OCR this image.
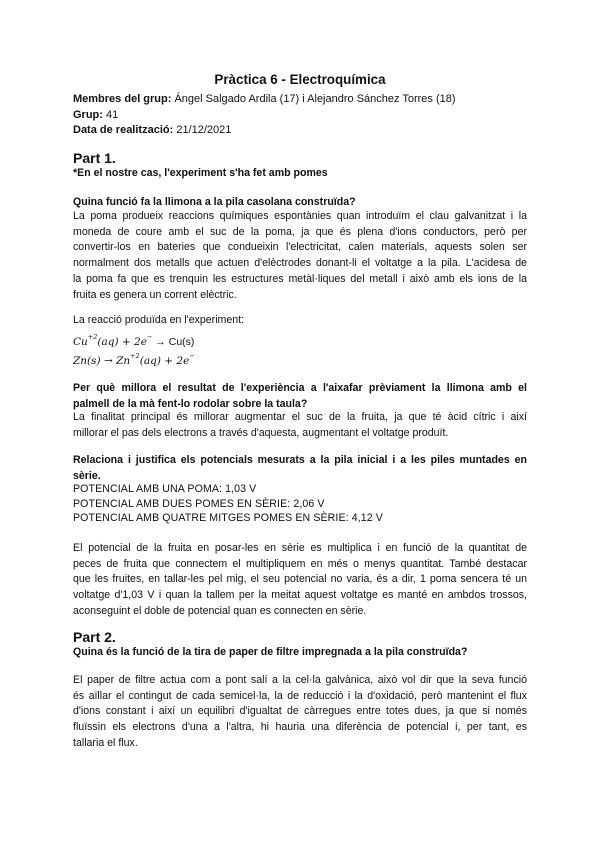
Pràctica 6 - Electroquímica
Membres del grup: Ángel Salgado Ardila (17) i Alejandro Sánchez Torres (18)
Grup: 41
Data de realització: 21/12/2021
Part 1.
*En el nostre cas, l'experiment s'ha fet amb pomes
Quina funció fa la llimona a la pila casolana construïda?
La poma produeix reaccions químiques espontànies quan introduïm el clau galvanitzat i la
moneda de coure amb el suc de la poma, ja que és plena d'ions conductors, però per
convertir-los en bateries que condueixin l'electricitat, calen materials, aquests solen ser
normalment dos metalls que actuen d'elèctrodes donant-li el voltatge a la pila. L'acidesa de
la poma fa que es trenquin les estructures metàl·liques del metall i això amb els ions de la
fruita es genera un corrent elèctric.
La reacció produïda en l'experiment:
$Cu^{+2}(aq) + 2e^- \to Cu(s)$
$Zn(s) \to Zn^{+2}(aq) + 2e^-$
Per què millora el resultat de l'experiència a l'aixafar prèviament la llimona amb el
palmell de la mà fent-lo rodolar sobre la taula?
La finalitat principal és millorar augmentar el suc de la fruita, ja que té àcid cítric i així
millorar el pas dels electrons a través d'aquesta, augmentant el voltatge produït.
Relaciona i justifica els potencials mesurats a la pila inicial i a les piles muntades en
sèrie.
POTENCIAL AMB UNA POMA: 1,03 V
POTENCIAL AMB DUES POMES EN SÈRIE: 2,06 V
POTENCIAL AMB QUATRE MITGES POMES EN SÈRIE: 4,12 V
El potencial de la fruita en posar-les en sèrie es multiplica i en funció de la quantitat de
peces de fruita que connectem el multipliquem en més o menys quantitat. També destacar
que les fruites, en tallar-les pel mig, el seu potencial no varia, és a dir, 1 poma sencera té un
voltatge d'1,03 V i quan la tallem per la meitat aquest voltatge es manté en ambdos trossos,
aconseguint el doble de potencial quan es connecten en sèrie.
Part 2.
Quina és la funció de la tira de paper de filtre impregnada a la pila construïda?
El paper de filtre actua com a pont salí a la cel·la galvànica, això vol dir que la seva funció
és aïllar el contingut de cada semicel·la, la de reducció i la d'oxidació, però mantenint el flux
d'ions constant i així un equilibri d'igualtat de càrregues entre totes dues, ja que si només
fluïssin els electrons d'una a l'altra, hi hauria una diferència de potencial i, per tant, es
tallaria el flux.
